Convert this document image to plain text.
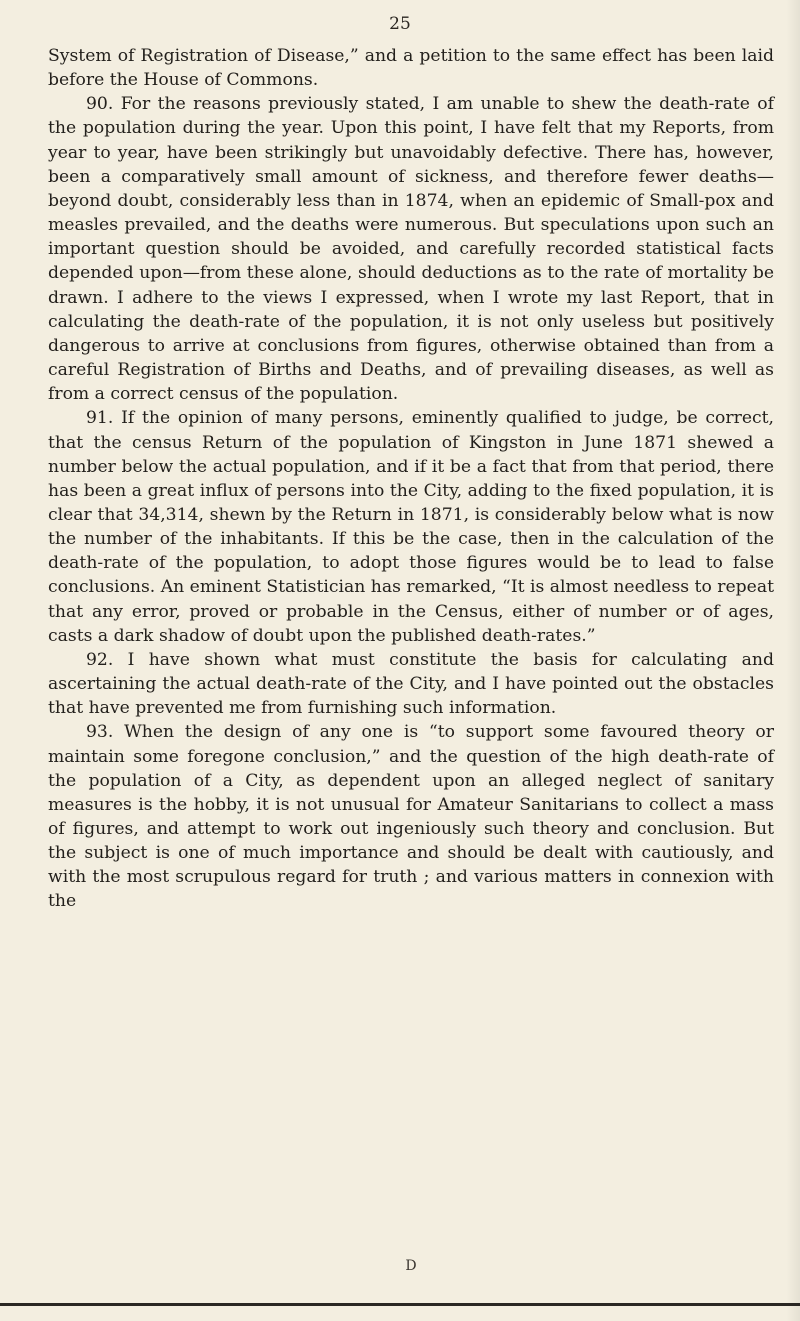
25

System of Registration of Disease,” and a petition to the same effect has been laid before the House of Commons.

90. For the reasons previously stated, I am unable to shew the death-rate of the population during the year. Upon this point, I have felt that my Reports, from year to year, have been strikingly but unavoidably defective. There has, however, been a comparatively small amount of sickness, and therefore fewer deaths—beyond doubt, considerably less than in 1874, when an epidemic of Small-pox and measles prevailed, and the deaths were numerous. But speculations upon such an important question should be avoided, and carefully recorded statistical facts depended upon—from these alone, should deductions as to the rate of mortality be drawn. I adhere to the views I expressed, when I wrote my last Report, that in calculating the death-rate of the population, it is not only useless but positively dangerous to arrive at conclusions from figures, otherwise obtained than from a careful Registration of Births and Deaths, and of prevailing diseases, as well as from a correct census of the population.

91. If the opinion of many persons, eminently qualified to judge, be correct, that the census Return of the population of Kingston in June 1871 shewed a number below the actual population, and if it be a fact that from that period, there has been a great influx of persons into the City, adding to the fixed population, it is clear that 34,314, shewn by the Return in 1871, is considerably below what is now the number of the inhabitants. If this be the case, then in the calculation of the death-rate of the population, to adopt those figures would be to lead to false conclusions. An eminent Statistician has remarked, “It is almost needless to repeat that any error, proved or probable in the Census, either of number or of ages, casts a dark shadow of doubt upon the published death-rates.”

92. I have shown what must constitute the basis for calculating and ascertaining the actual death-rate of the City, and I have pointed out the obstacles that have prevented me from furnishing such information.

93. When the design of any one is “to support some favoured theory or maintain some foregone conclusion,” and the question of the high death-rate of the population of a City, as dependent upon an alleged neglect of sanitary measures is the hobby, it is not unusual for Amateur Sanitarians to collect a mass of figures, and attempt to work out ingeniously such theory and conclusion. But the subject is one of much importance and should be dealt with cautiously, and with the most scrupulous regard for truth ; and various matters in connexion with the

D
